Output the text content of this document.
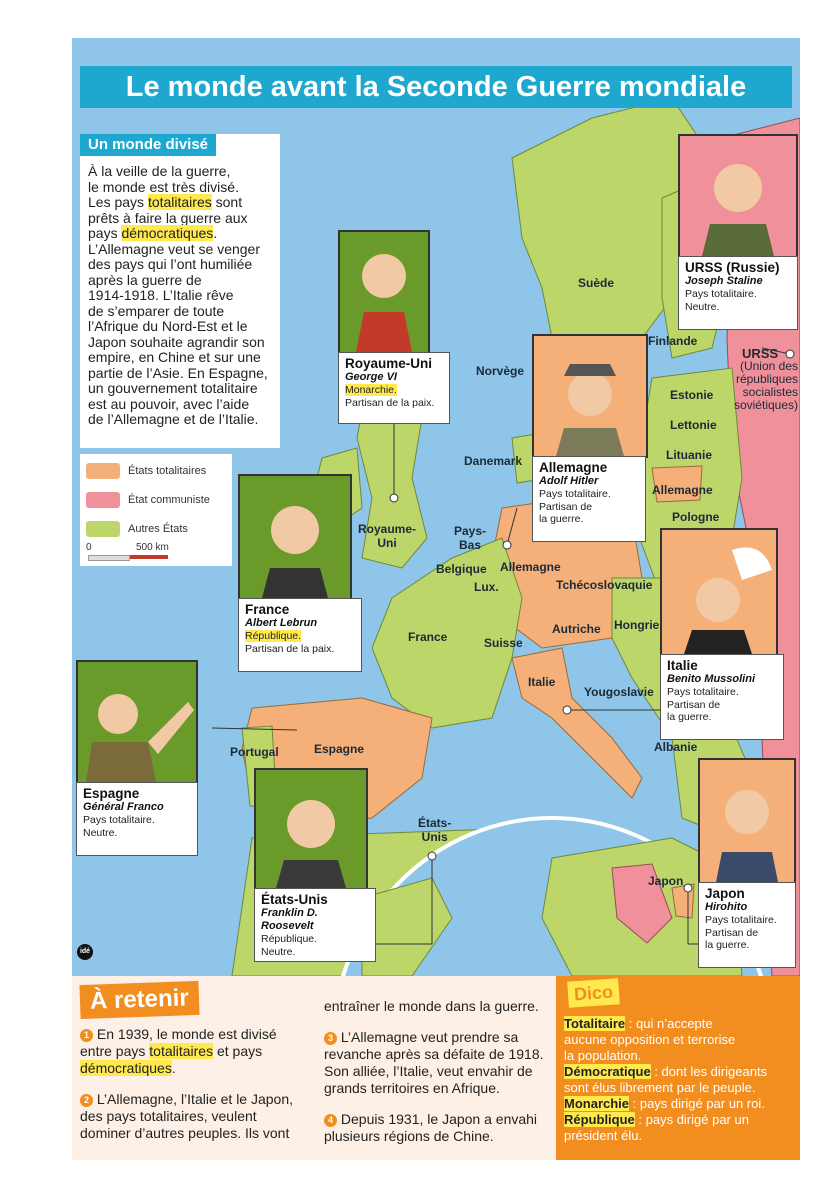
Le monde avant la Seconde Guerre mondiale
Un monde divisé
À la veille de la guerre,
le monde est très divisé.
Les pays totalitaires sont
prêts à faire la guerre aux
pays démocratiques.
L’Allemagne veut se venger
des pays qui l’ont humiliée
après la guerre de
1914-1918. L’Italie rêve
de s’emparer de toute
l’Afrique du Nord-Est et le
Japon souhaite agrandir son
empire, en Chine et sur une
partie de l’Asie. En Espagne,
un gouvernement totalitaire
est au pouvoir, avec l’aide
de l’Allemagne et de l’Italie.
États totalitaires
État communiste
Autres États
0	500 km
Suède
Finlande
Norvège
URSS
(Union des
républiques
socialistes
soviétiques)
Estonie
Lettonie
Lituanie
Allemagne
Pologne
Danemark
Royaume-
Uni
Pays-
Bas
Belgique
Lux.
Allemagne
Tchécoslovaquie
Autriche Hongrie
France	Suisse
Italie
Yougoslavie
Albanie
Portugal	Espagne
États-
Unis
Japon
Royaume-Uni
George VI
Monarchie.
Partisan de la paix.
URSS (Russie)
Joseph Staline
Pays totalitaire.
Neutre.
Allemagne
Adolf Hitler
Pays totalitaire.
Partisan de
la guerre.
France
Albert Lebrun
République.
Partisan de la paix.
Italie
Benito Mussolini
Pays totalitaire.
Partisan de
la guerre.
Espagne
Général Franco
Pays totalitaire.
Neutre.
États-Unis
Franklin D. Roosevelt
République.
Neutre.
Japon
Hirohito
Pays totalitaire.
Partisan de
la guerre.
idé
À retenir
1 En 1939, le monde est divisé
entre pays totalitaires et pays
démocratiques.
2 L’Allemagne, l’Italie et le Japon,
des pays totalitaires, veulent
dominer d’autres peuples. Ils vont
entraîner le monde dans la guerre.
3 L’Allemagne veut prendre sa
revanche après sa défaite de 1918.
Son alliée, l’Italie, veut envahir de
grands territoires en Afrique.
4 Depuis 1931, le Japon a envahi
plusieurs régions de Chine.
Dico
Totalitaire : qui n’accepte
aucune opposition et terrorise
la population.
Démocratique : dont les dirigeants
sont élus librement par le peuple.
Monarchie : pays dirigé par un roi.
République : pays dirigé par un
président élu.
